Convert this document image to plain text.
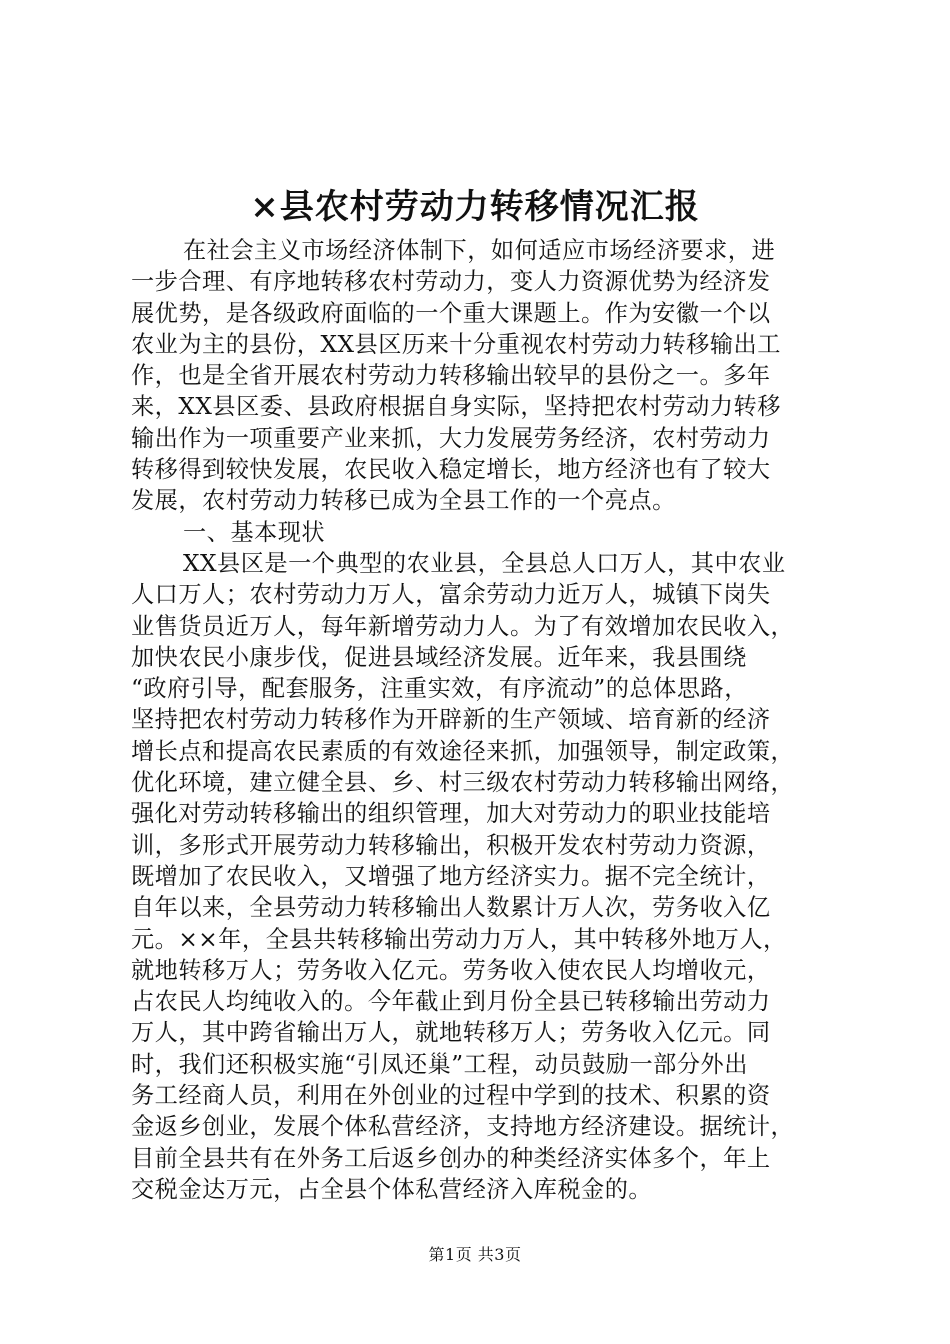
×县农村劳动力转移情况汇报
在社会主义市场经济体制下，如何适应市场经济要求，进
一步合理、有序地转移农村劳动力，变人力资源优势为经济发
展优势，是各级政府面临的一个重大课题上。作为安徽一个以
农业为主的县份，XX县区历来十分重视农村劳动力转移输出工
作，也是全省开展农村劳动力转移输出较早的县份之一。多年
来，XX县区委、县政府根据自身实际，坚持把农村劳动力转移
输出作为一项重要产业来抓，大力发展劳务经济，农村劳动力
转移得到较快发展，农民收入稳定增长，地方经济也有了较大
发展，农村劳动力转移已成为全县工作的一个亮点。
一、基本现状
XX县区是一个典型的农业县，全县总人口万人，其中农业
人口万人；农村劳动力万人，富余劳动力近万人，城镇下岗失
业售货员近万人，每年新增劳动力人。为了有效增加农民收入，
加快农民小康步伐，促进县域经济发展。近年来，我县围绕
“政府引导，配套服务，注重实效，有序流动”的总体思路，
坚持把农村劳动力转移作为开辟新的生产领域、培育新的经济
增长点和提高农民素质的有效途径来抓，加强领导，制定政策，
优化环境，建立健全县、乡、村三级农村劳动力转移输出网络，
强化对劳动转移输出的组织管理，加大对劳动力的职业技能培
训，多形式开展劳动力转移输出，积极开发农村劳动力资源，
既增加了农民收入，又增强了地方经济实力。据不完全统计，
自年以来，全县劳动力转移输出人数累计万人次，劳务收入亿
元。××年，全县共转移输出劳动力万人，其中转移外地万人，
就地转移万人；劳务收入亿元。劳务收入使农民人均增收元，
占农民人均纯收入的。今年截止到月份全县已转移输出劳动力
万人，其中跨省输出万人，就地转移万人；劳务收入亿元。同
时，我们还积极实施“引凤还巢”工程，动员鼓励一部分外出
务工经商人员，利用在外创业的过程中学到的技术、积累的资
金返乡创业，发展个体私营经济，支持地方经济建设。据统计，
目前全县共有在外务工后返乡创办的种类经济实体多个，年上
交税金达万元，占全县个体私营经济入库税金的。
第1页 共3页
